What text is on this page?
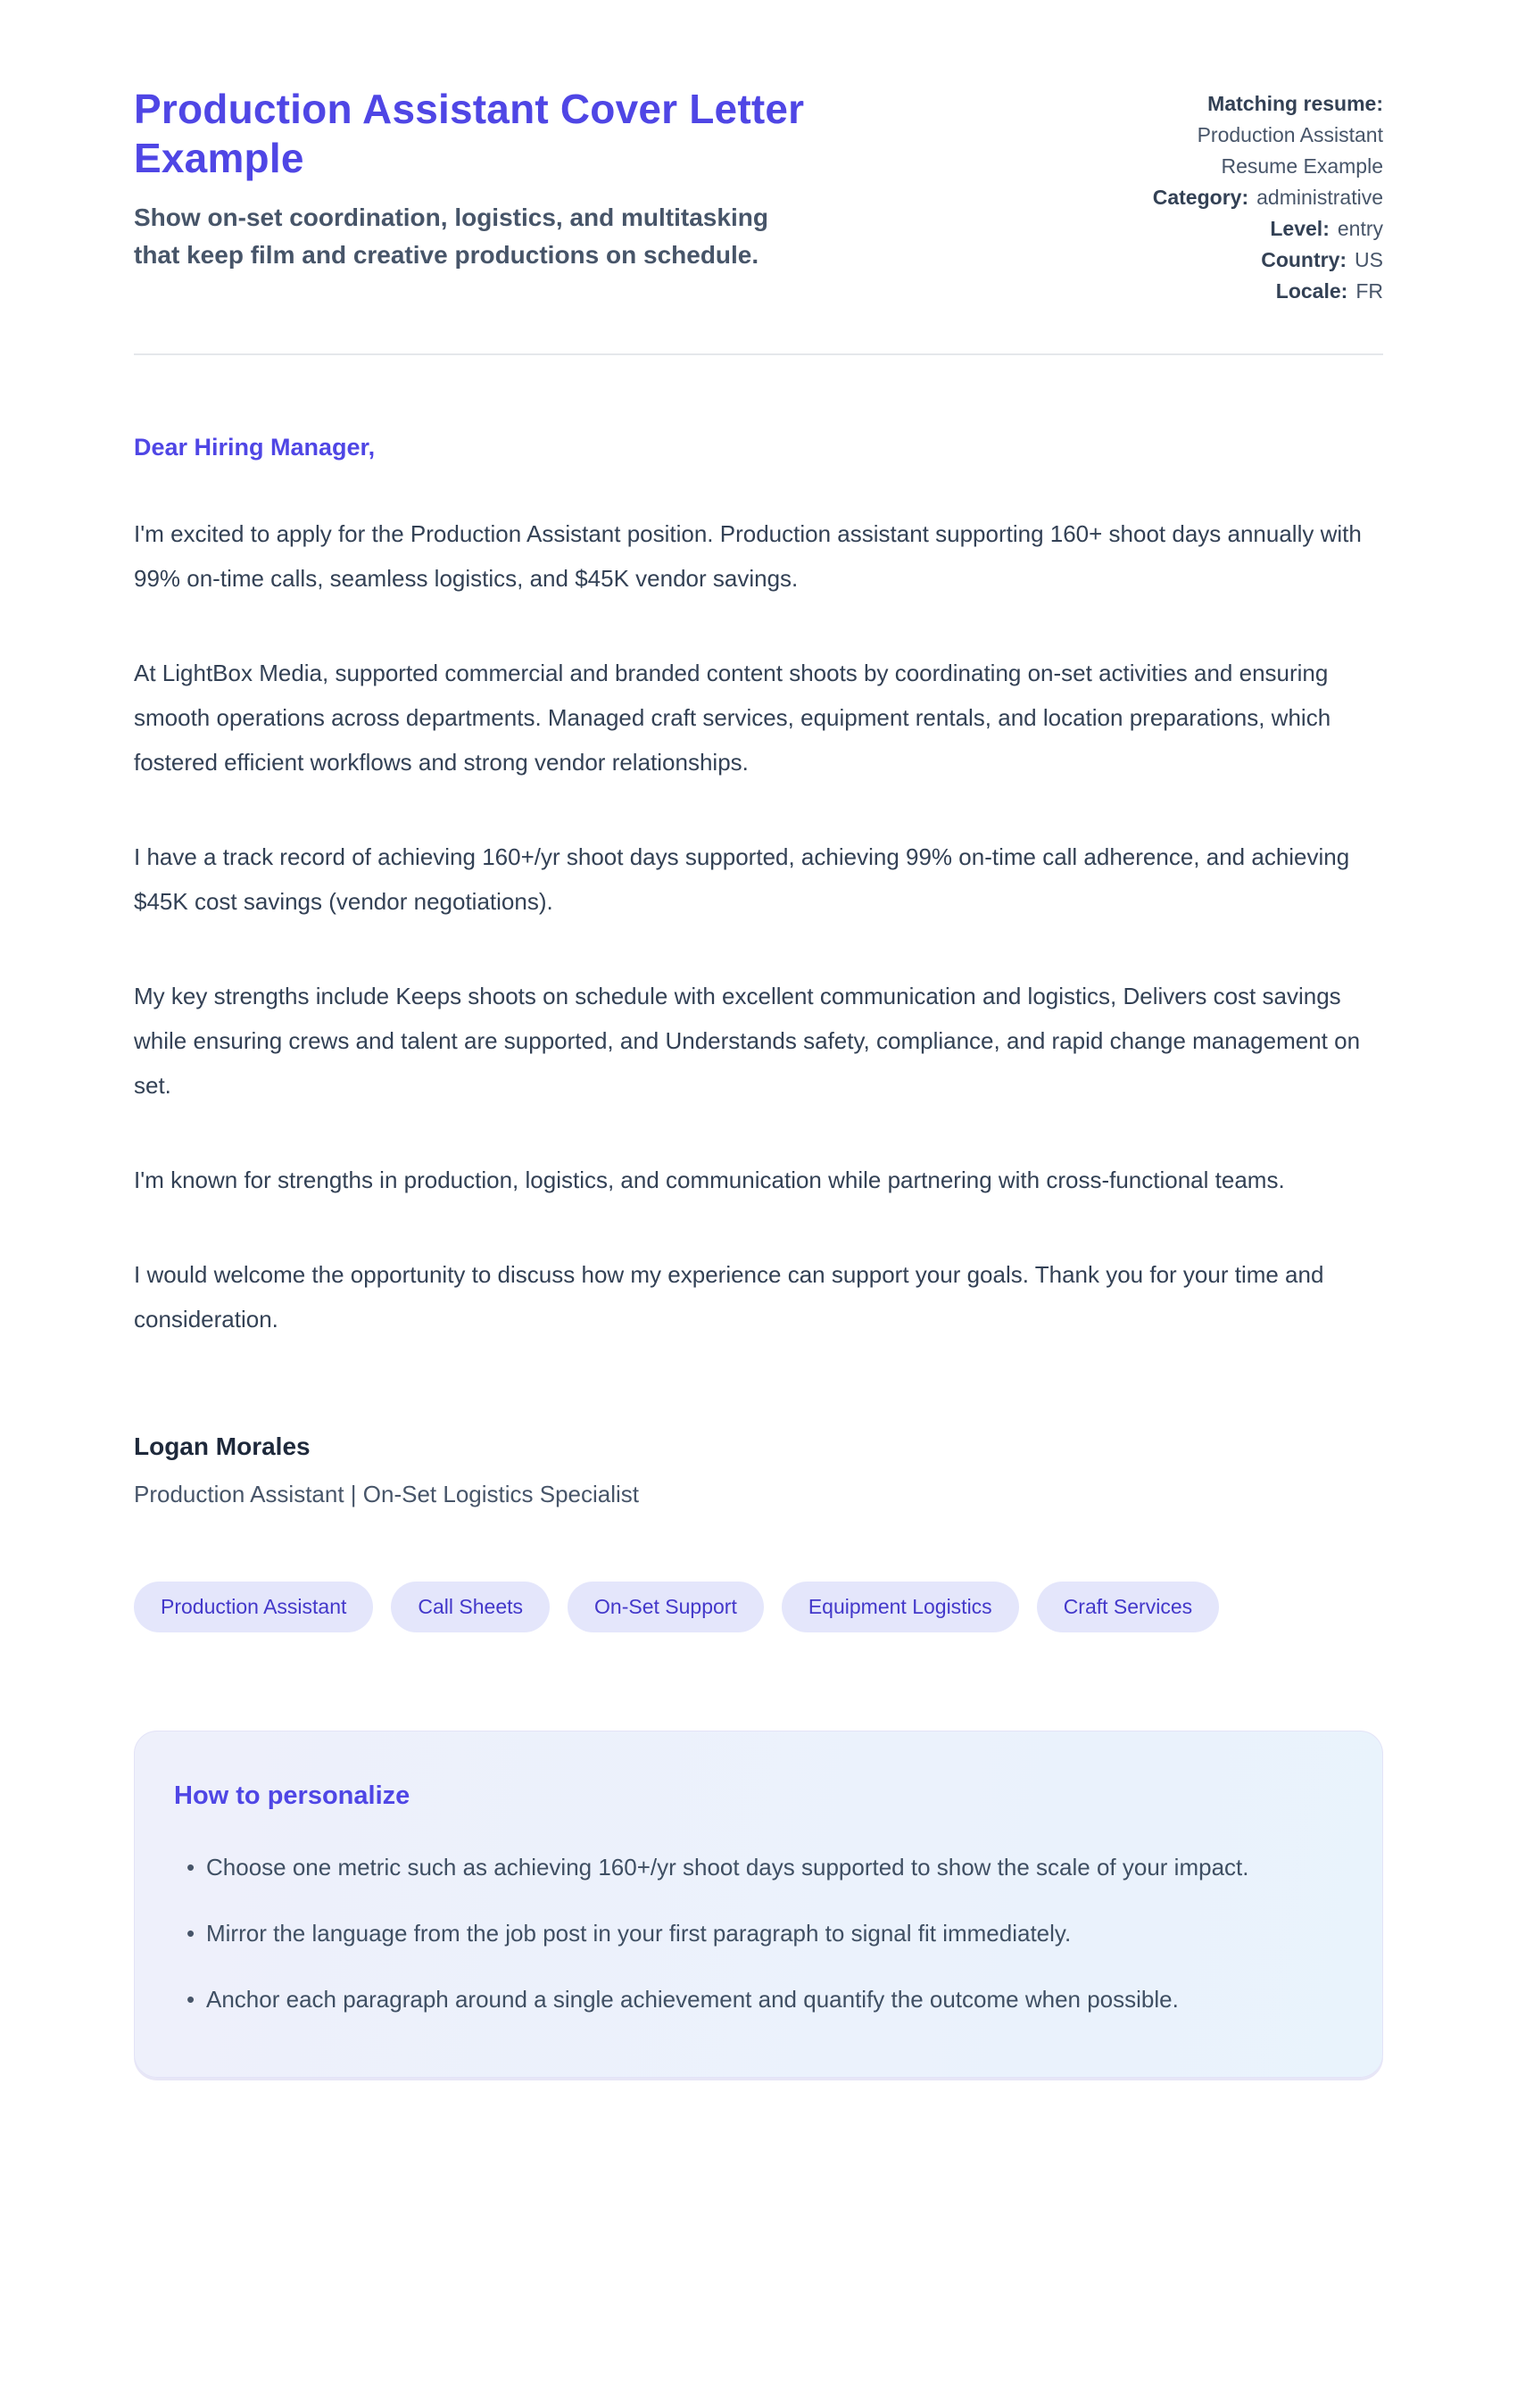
Production Assistant Cover Letter Example

Show on-set coordination, logistics, and multitasking that keep film and creative productions on schedule.

Matching resume:
Production Assistant Resume Example
Category: administrative
Level: entry
Country: US
Locale: FR

Dear Hiring Manager,

I'm excited to apply for the Production Assistant position. Production assistant supporting 160+ shoot days annually with 99% on-time calls, seamless logistics, and $45K vendor savings.

At LightBox Media, supported commercial and branded content shoots by coordinating on-set activities and ensuring smooth operations across departments. Managed craft services, equipment rentals, and location preparations, which fostered efficient workflows and strong vendor relationships.

I have a track record of achieving 160+/yr shoot days supported, achieving 99% on-time call adherence, and achieving $45K cost savings (vendor negotiations).

My key strengths include Keeps shoots on schedule with excellent communication and logistics, Delivers cost savings while ensuring crews and talent are supported, and Understands safety, compliance, and rapid change management on set.

I'm known for strengths in production, logistics, and communication while partnering with cross-functional teams.

I would welcome the opportunity to discuss how my experience can support your goals. Thank you for your time and consideration.

Logan Morales

Production Assistant | On-Set Logistics Specialist

Production Assistant	Call Sheets	On-Set Support	Equipment Logistics	Craft Services

How to personalize

• Choose one metric such as achieving 160+/yr shoot days supported to show the scale of your impact.
• Mirror the language from the job post in your first paragraph to signal fit immediately.
• Anchor each paragraph around a single achievement and quantify the outcome when possible.
